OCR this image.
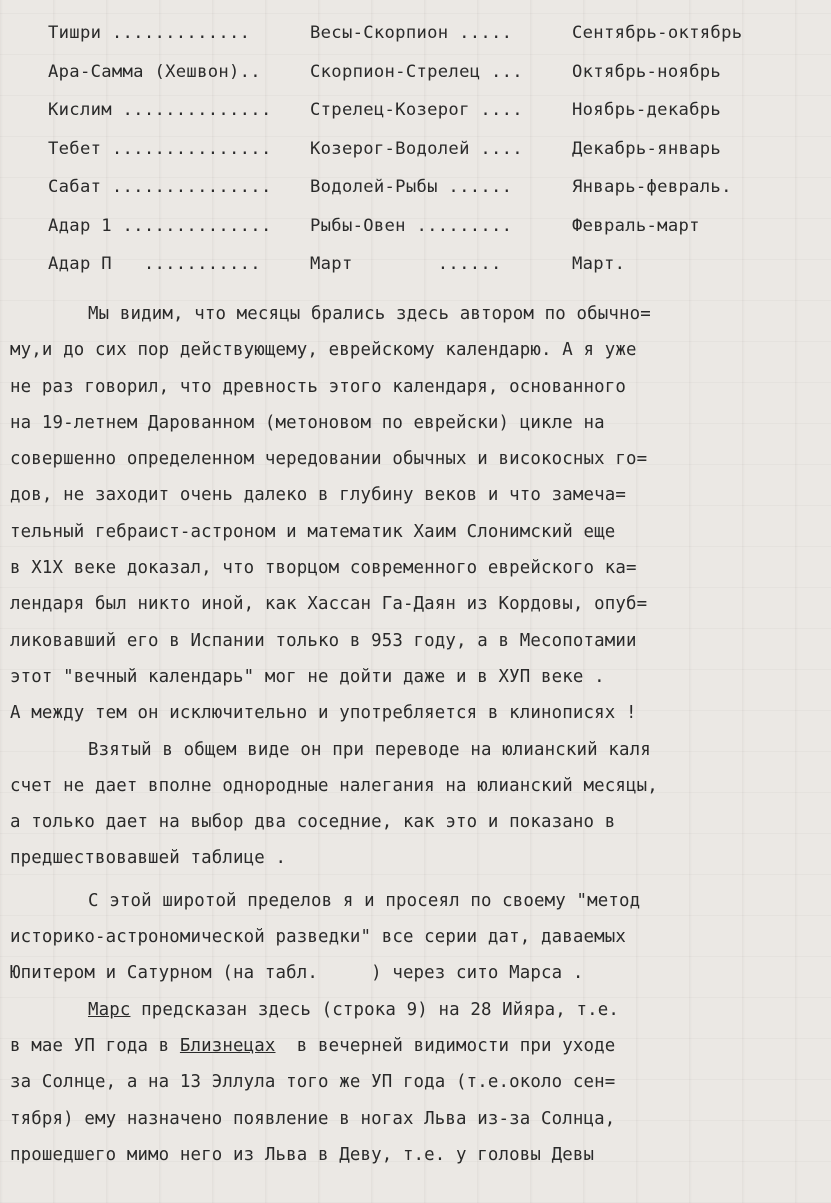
Тишри .............	Весы-Скорпион .....	Сентябрь-октябрь
Ара-Самма (Хешвон)..	Скорпион-Стрелец ...	Октябрь-ноябрь
Кислим ..............	Стрелец-Козерог ....	Ноябрь-декабрь
Тебет ...............	Козерог-Водолей ....	Декабрь-январь
Сабат ...............	Водолей-Рыбы ......	Январь-февраль.
Адар 1 ..............	Рыбы-Овен .........	Февраль-март
Адар П   ...........	Март        ......	Март.
Мы видим, что месяцы брались здесь автором по обычно=
му,и до сих пор действующему, еврейскому календарю. А я уже
не раз говорил, что древность этого календаря, основанного
на 19-летнем Дарованном (метоновом по еврейски) цикле на
совершенно определенном чередовании обычных и високосных го=
дов, не заходит очень далеко в глубину веков и что замеча=
тельный гебраист-астроном и математик Хаим Слонимский еще
в Х1Х веке доказал, что творцом современного еврейского ка=
лендаря был никто иной, как Хассан Га-Даян из Кордовы, опуб=
ликовавший его в Испании только в 953 году, а в Месопотамии
этот "вечный календарь" мог не дойти даже и в ХУП веке .
А между тем он исключительно и употребляется в клинописях !
Взятый в общем виде он при переводе на юлианский каля
счет не дает вполне однородные налегания на юлианский месяцы,
а только дает на выбор два соседние, как это и показано в
предшествовавшей таблице .
С этой широтой пределов я и просеял по своему "метод
историко-астрономической разведки" все серии дат, даваемых
Юпитером и Сатурном (на табл.     ) через сито Марса .
Марс предсказан здесь (строка 9) на 28 Ийяра, т.е.
в мае УП года в Близнецах  в вечерней видимости при уходе
за Солнце, а на 13 Эллула того же УП года (т.е.около сен=
тября) ему назначено появление в ногах Льва из-за Солнца,
прошедшего мимо него из Льва в Деву, т.е. у головы Девы
